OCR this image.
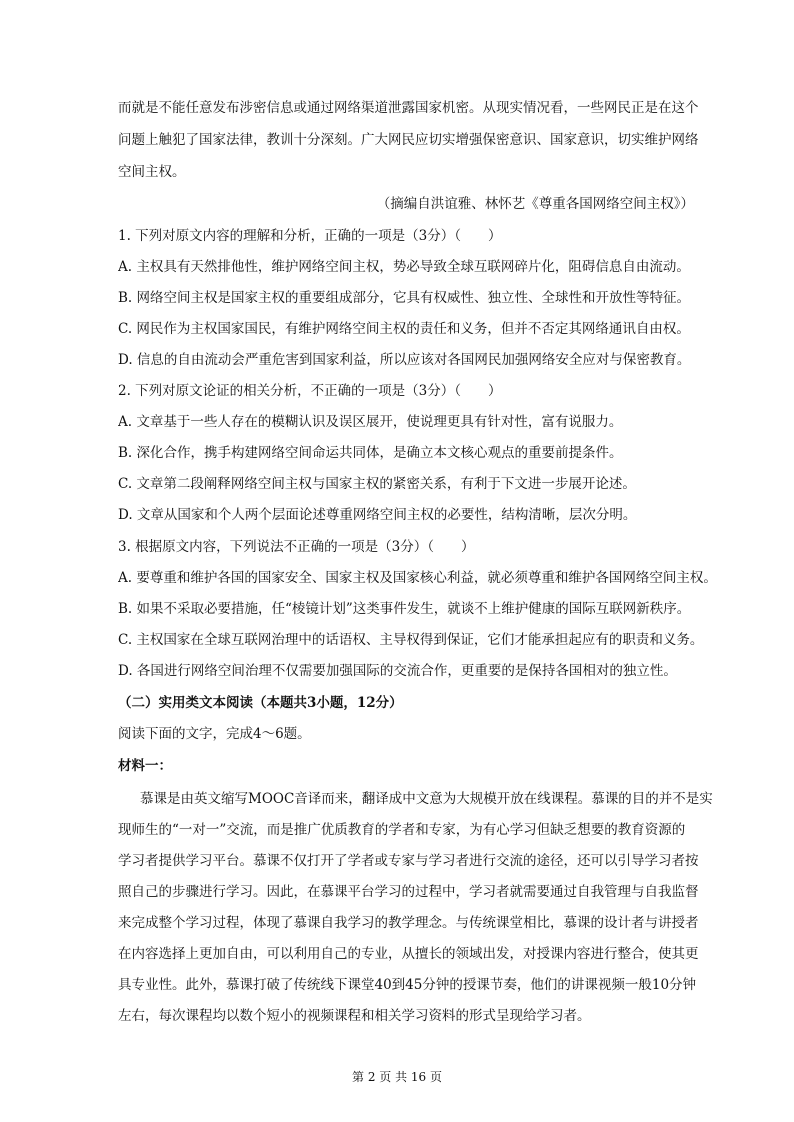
而就是不能任意发布涉密信息或通过网络渠道泄露国家机密。从现实情况看，一些网民正是在这个
问题上触犯了国家法律，教训十分深刻。广大网民应切实增强保密意识、国家意识，切实维护网络
空间主权。
（摘编自洪谊雅、林怀艺《尊重各国网络空间主权》）
1. 下列对原文内容的理解和分析，正确的一项是（3分）（　　）
A. 主权具有天然排他性，维护网络空间主权，势必导致全球互联网碎片化，阻碍信息自由流动。
B. 网络空间主权是国家主权的重要组成部分，它具有权威性、独立性、全球性和开放性等特征。
C. 网民作为主权国家国民，有维护网络空间主权的责任和义务，但并不否定其网络通讯自由权。
D. 信息的自由流动会严重危害到国家利益，所以应该对各国网民加强网络安全应对与保密教育。
2. 下列对原文论证的相关分析，不正确的一项是（3分）（　　）
A. 文章基于一些人存在的模糊认识及误区展开，使说理更具有针对性，富有说服力。
B. 深化合作，携手构建网络空间命运共同体，是确立本文核心观点的重要前提条件。
C. 文章第二段阐释网络空间主权与国家主权的紧密关系，有利于下文进一步展开论述。
D. 文章从国家和个人两个层面论述尊重网络空间主权的必要性，结构清晰，层次分明。
3. 根据原文内容，下列说法不正确的一项是（3分）（　　）
A. 要尊重和维护各国的国家安全、国家主权及国家核心利益，就必须尊重和维护各国网络空间主权。
B. 如果不采取必要措施，任“棱镜计划”这类事件发生，就谈不上维护健康的国际互联网新秩序。
C. 主权国家在全球互联网治理中的话语权、主导权得到保证，它们才能承担起应有的职责和义务。
D. 各国进行网络空间治理不仅需要加强国际的交流合作，更重要的是保持各国相对的独立性。
（二）实用类文本阅读（本题共3小题，12分）
阅读下面的文字，完成4～6题。
材料一：
慕课是由英文缩写MOOC音译而来，翻译成中文意为大规模开放在线课程。慕课的目的并不是实
现师生的“一对一”交流，而是推广优质教育的学者和专家，为有心学习但缺乏想要的教育资源的
学习者提供学习平台。慕课不仅打开了学者或专家与学习者进行交流的途径，还可以引导学习者按
照自己的步骤进行学习。因此，在慕课平台学习的过程中，学习者就需要通过自我管理与自我监督
来完成整个学习过程，体现了慕课自我学习的教学理念。与传统课堂相比，慕课的设计者与讲授者
在内容选择上更加自由，可以利用自己的专业，从擅长的领域出发，对授课内容进行整合，使其更
具专业性。此外，慕课打破了传统线下课堂40到45分钟的授课节奏，他们的讲课视频一般10分钟
左右，每次课程均以数个短小的视频课程和相关学习资料的形式呈现给学习者。
第 2 页 共 16 页
